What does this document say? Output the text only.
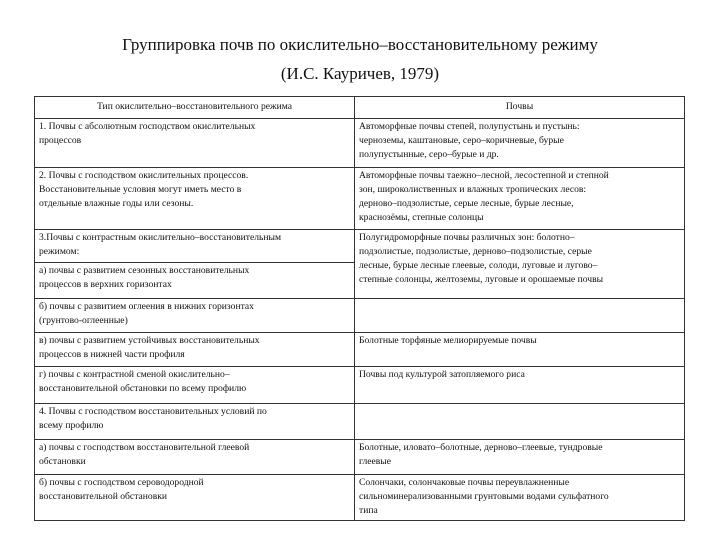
Группировка почв по окислительно–восстановительному режиму
(И.С. Кауричев, 1979)
Тип окислительно–восстановительного режима	Почвы
1. Почвы с абсолютным господством окислительных
процессов	Автоморфные почвы степей, полупустынь и пустынь:
черноземы, каштановые, серо–коричневые, бурые
полупустынные, серо–бурые и др.
2. Почвы с господством окислительных процессов.
Восстановительные условия могут иметь место в
отдельные влажные годы или сезоны.	Автоморфные почвы таежно–лесной, лесостепной и степной
зон, широколиственных и влажных тропических лесов:
дерново–подзолистые, серые лесные, бурые лесные,
краснозёмы, степные солонцы
3.Почвы с контрастным окислительно–восстановительным
режимом:	Полугидроморфные почвы различных зон: болотно–
подзолистые, подзолистые, дерново–подзолистые, серые
лесные, бурые лесные глеевые, солоди, луговые и лугово–
степные солонцы, желтоземы, луговые и орошаемые почвы
а) почвы с развитием сезонных восстановительных
процессов в верхних горизонтах	
б) почвы с развитием оглеения в нижних горизонтах
(грунтово-оглеенные)	
в) почвы с развитием устойчивых восстановительных
процессов в нижней части профиля	Болотные торфяные мелиорируемые почвы
г) почвы с контрастной сменой окислительно–
восстановительной обстановки по всему профилю	Почвы под культурой затопляемого риса
4. Почвы с господством восстановительных условий по
всему профилю	
а) почвы с господством восстановительной глеевой
обстановки	Болотные, иловато–болотные, дерново–глеевые, тундровые
глеевые
б) почвы с господством сероводородной
восстановительной обстановки	Солончаки, солончаковые почвы переувлажненные
сильноминерализованными грунтовыми водами сульфатного
типа
